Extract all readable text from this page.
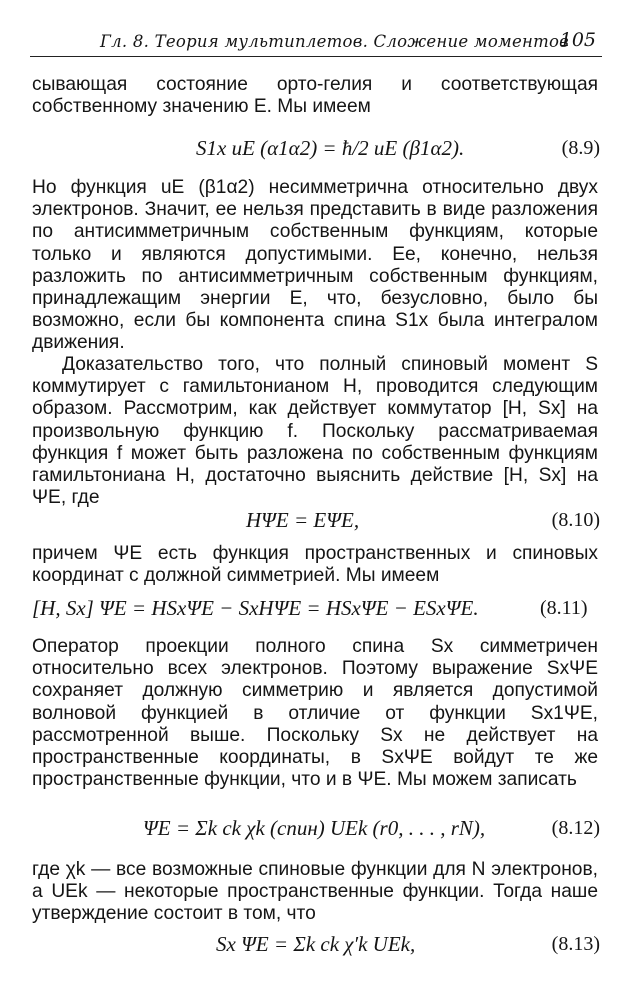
Гл. 8. Теория мультиплетов. Сложение моментов
105

сывающая состояние орто-гелия и соответствующая собственному значению E. Мы имеем

S1x uE (α1α2) = ħ/2 uE (β1α2).	(8.9)

Но функция uE (β1α2) несимметрична относительно двух электронов. Значит, ее нельзя представить в виде разложения по антисимметричным собственным функциям, которые только и являются допустимыми. Ее, конечно, нельзя разложить по антисимметричным собственным функциям, принадлежащим энергии E, что, безусловно, было бы возможно, если бы компонента спина S1x была интегралом движения.

Доказательство того, что полный спиновый момент S коммутирует с гамильтонианом H, проводится следующим образом. Рассмотрим, как действует коммутатор [H, Sx] на произвольную функцию f. Поскольку рассматриваемая функция f может быть разложена по собственным функциям гамильтониана H, достаточно выяснить действие [H, Sx] на ΨE, где

HΨE = EΨE,	(8.10)

причем ΨE есть функция пространственных и спиновых координат с должной симметрией. Мы имеем

[H, Sx] ΨE = HSxΨE − SxHΨE = HSxΨE − ESxΨE.	(8.11)

Оператор проекции полного спина Sx симметричен относительно всех электронов. Поэтому выражение SxΨE сохраняет должную симметрию и является допустимой волновой функцией в отличие от функции Sx1ΨE, рассмотренной выше. Поскольку Sx не действует на пространственные координаты, в SxΨE войдут те же пространственные функции, что и в ΨE. Мы можем записать

ΨE = Σk ck χk (спин) UEk (r0, . . . , rN),	(8.12)

где χk — все возможные спиновые функции для N электронов, а UEk — некоторые пространственные функции. Тогда наше утверждение состоит в том, что

Sx ΨE = Σk ck χ′k UEk,	(8.13)
